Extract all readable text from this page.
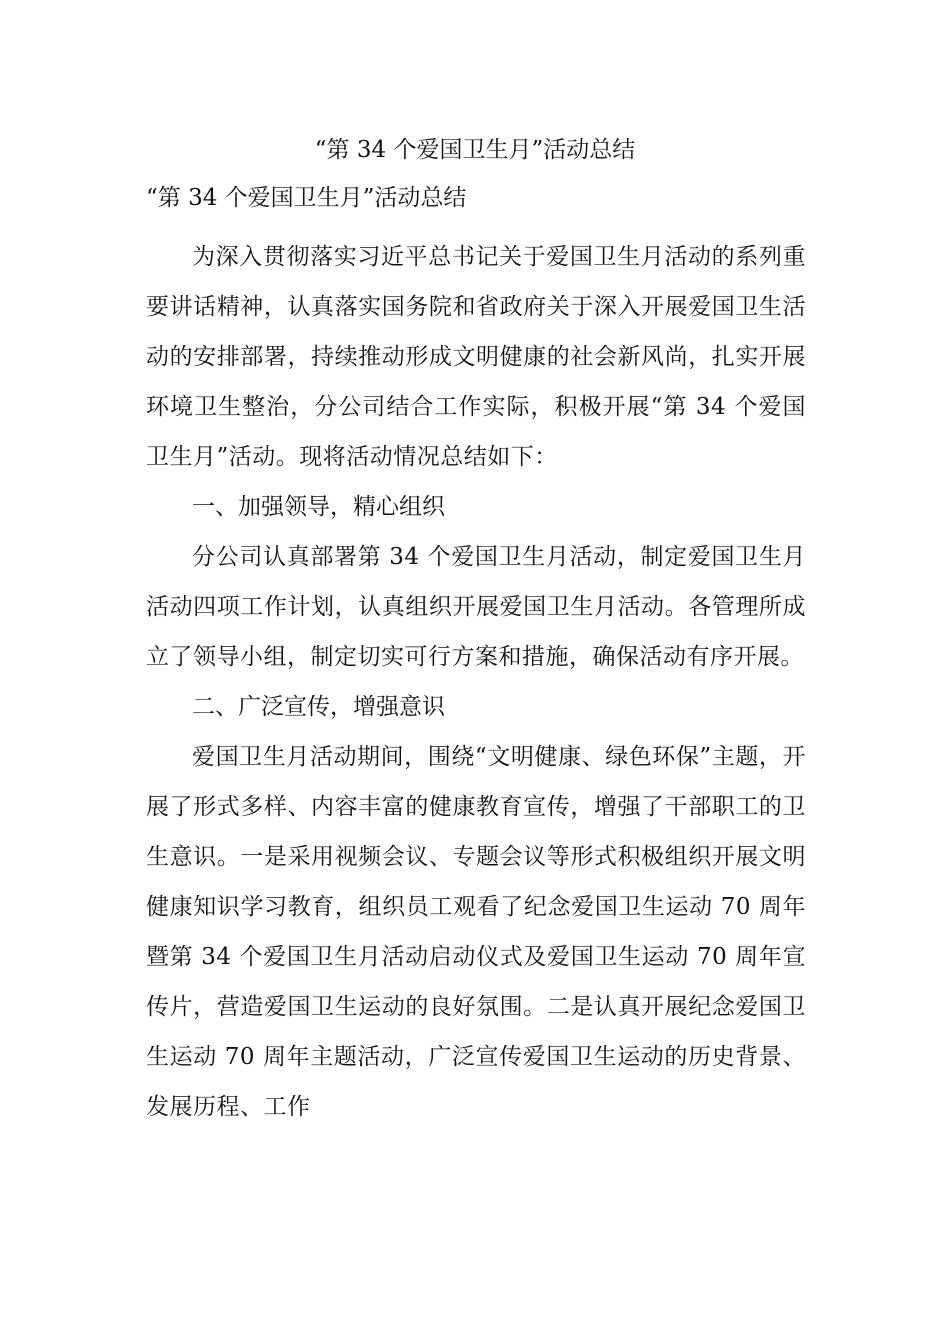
“第 34 个爱国卫生月”活动总结
“第 34 个爱国卫生月”活动总结

为深入贯彻落实习近平总书记关于爱国卫生月活动的系列重要讲话精神，认真落实国务院和省政府关于深入开展爱国卫生活动的安排部署，持续推动形成文明健康的社会新风尚，扎实开展环境卫生整治，分公司结合工作实际，积极开展“第 34 个爱国卫生月”活动。现将活动情况总结如下：

一、加强领导，精心组织

分公司认真部署第 34 个爱国卫生月活动，制定爱国卫生月活动四项工作计划，认真组织开展爱国卫生月活动。各管理所成立了领导小组，制定切实可行方案和措施，确保活动有序开展。

二、广泛宣传，增强意识

爱国卫生月活动期间，围绕“文明健康、绿色环保”主题，开展了形式多样、内容丰富的健康教育宣传，增强了干部职工的卫生意识。一是采用视频会议、专题会议等形式积极组织开展文明健康知识学习教育，组织员工观看了纪念爱国卫生运动 70 周年暨第 34 个爱国卫生月活动启动仪式及爱国卫生运动 70 周年宣传片，营造爱国卫生运动的良好氛围。二是认真开展纪念爱国卫生运动 70 周年主题活动，广泛宣传爱国卫生运动的历史背景、发展历程、工作
